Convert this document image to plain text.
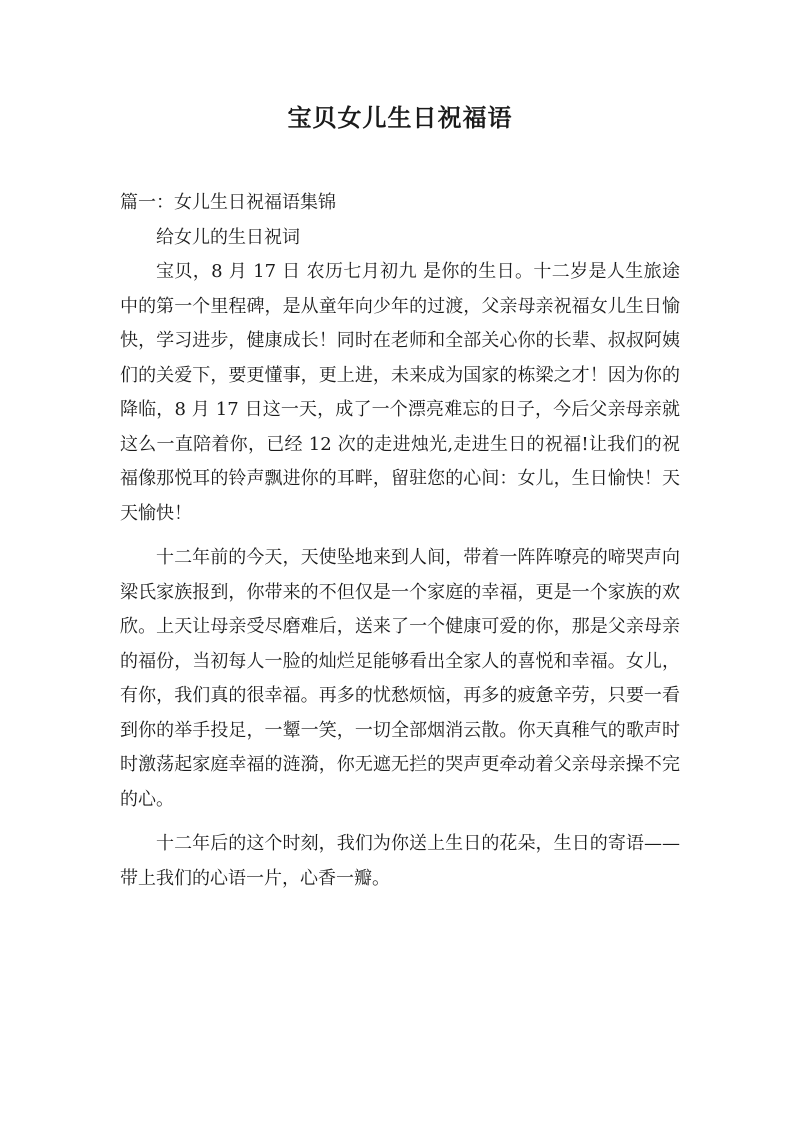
宝贝女儿生日祝福语

篇一：女儿生日祝福语集锦

给女儿的生日祝词

宝贝，8 月 17 日 农历七月初九 是你的生日。十二岁是人生旅途中的第一个里程碑，是从童年向少年的过渡，父亲母亲祝福女儿生日愉快，学习进步，健康成长！同时在老师和全部关心你的长辈、叔叔阿姨们的关爱下，要更懂事，更上进，未来成为国家的栋梁之才！因为你的降临，8 月 17 日这一天，成了一个漂亮难忘的日子，今后父亲母亲就这么一直陪着你，已经 12 次的走进烛光,走进生日的祝福!让我们的祝福像那悦耳的铃声飘进你的耳畔，留驻您的心间：女儿，生日愉快！天天愉快！

十二年前的今天，天使坠地来到人间，带着一阵阵嘹亮的啼哭声向梁氏家族报到，你带来的不但仅是一个家庭的幸福，更是一个家族的欢欣。上天让母亲受尽磨难后，送来了一个健康可爱的你，那是父亲母亲的福份，当初每人一脸的灿烂足能够看出全家人的喜悦和幸福。女儿，有你，我们真的很幸福。再多的忧愁烦恼，再多的疲惫辛劳，只要一看到你的举手投足，一颦一笑，一切全部烟消云散。你天真稚气的歌声时时激荡起家庭幸福的涟漪，你无遮无拦的哭声更牵动着父亲母亲操不完的心。

十二年后的这个时刻，我们为你送上生日的花朵，生日的寄语——带上我们的心语一片，心香一瓣。
